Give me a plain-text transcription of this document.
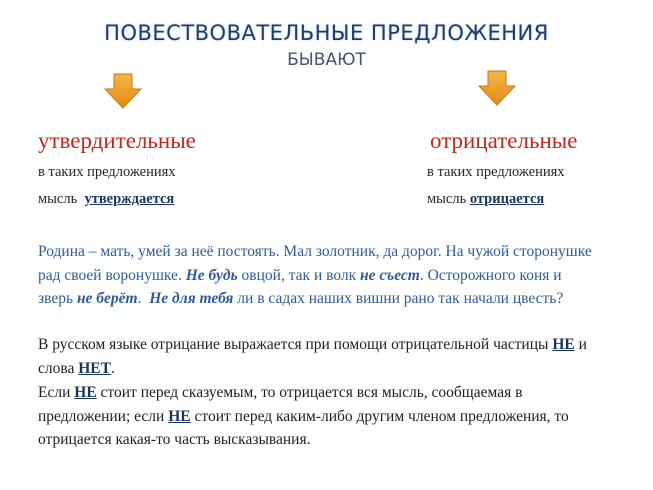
ПОВЕСТВОВАТЕЛЬНЫЕ ПРЕДЛОЖЕНИЯ
БЫВАЮТ
утвердительные	отрицательные
в таких предложениях
мысль  утверждается
в таких предложениях
мысль отрицается
Родина – мать, умей за неё постоять. Мал золотник, да дорог. На чужой сторонушке рад своей воронушке. Не будь овцой, так и волк не съест. Осторожного коня и зверь не берёт.  Не для тебя ли в садах наших вишни рано так начали цвесть?
В русском языке отрицание выражается при помощи отрицательной частицы НЕ и слова НЕТ.
Если НЕ стоит перед сказуемым, то отрицается вся мысль, сообщаемая в предложении; если НЕ стоит перед каким-либо другим членом предложения, то отрицается какая-то часть высказывания.
